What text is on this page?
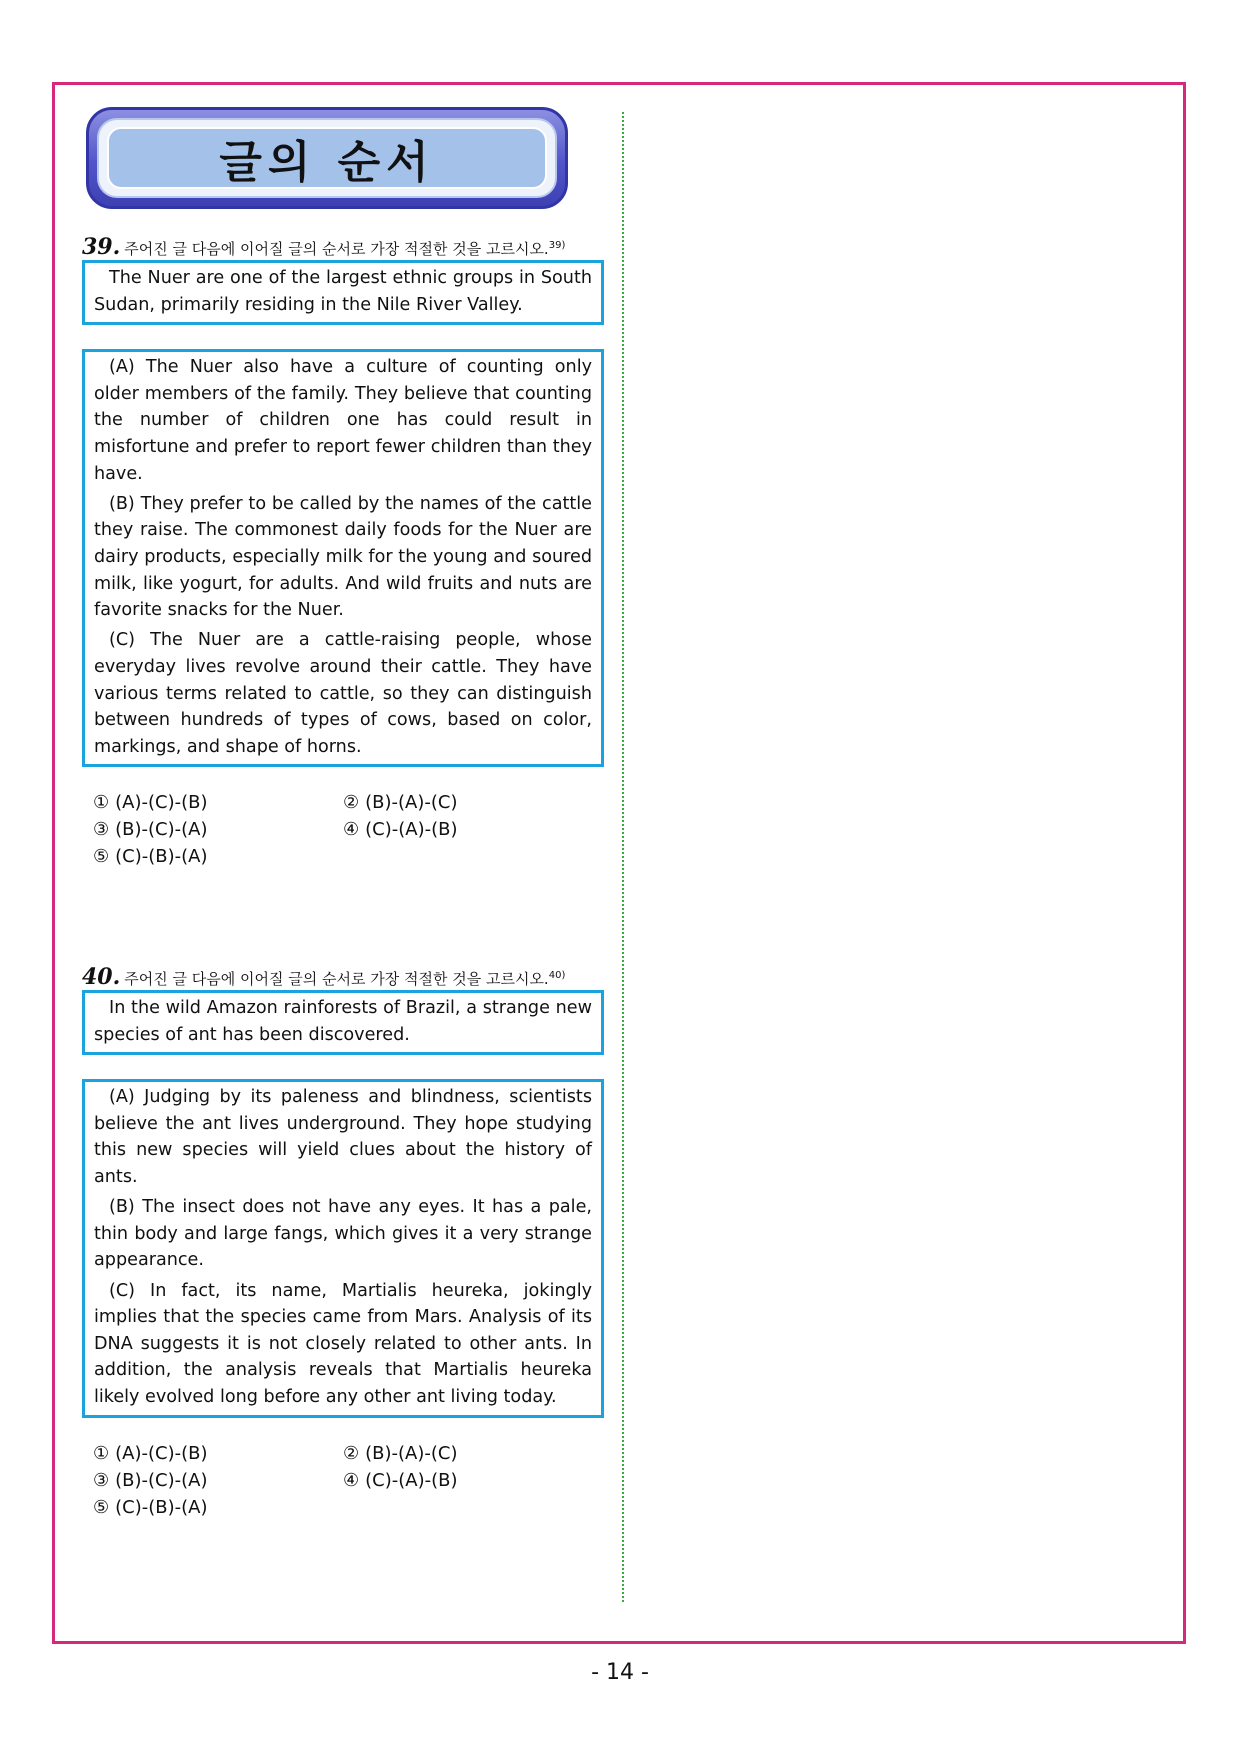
글의 순서
39. 주어진 글 다음에 이어질 글의 순서로 가장 적절한 것을 고르시오.$^{39)}$

The Nuer are one of the largest ethnic groups in South Sudan, primarily residing in the Nile River Valley.

(A) The Nuer also have a culture of counting only older members of the family. They believe that counting the number of children one has could result in misfortune and prefer to report fewer children than they have.

(B) They prefer to be called by the names of the cattle they raise. The commonest daily foods for the Nuer are dairy products, especially milk for the young and soured milk, like yogurt, for adults. And wild fruits and nuts are favorite snacks for the Nuer.

(C) The Nuer are a cattle-raising people, whose everyday lives revolve around their cattle. They have various terms related to cattle, so they can distinguish between hundreds of types of cows, based on color, markings, and shape of horns.

① (A)-(C)-(B)	② (B)-(A)-(C)
③ (B)-(C)-(A)	④ (C)-(A)-(B)
⑤ (C)-(B)-(A)
40. 주어진 글 다음에 이어질 글의 순서로 가장 적절한 것을 고르시오.$^{40)}$

In the wild Amazon rainforests of Brazil, a strange new species of ant has been discovered.

(A) Judging by its paleness and blindness, scientists believe the ant lives underground. They hope studying this new species will yield clues about the history of ants.

(B) The insect does not have any eyes. It has a pale, thin body and large fangs, which gives it a very strange appearance.

(C) In fact, its name, Martialis heureka, jokingly implies that the species came from Mars. Analysis of its DNA suggests it is not closely related to other ants. In addition, the analysis reveals that Martialis heureka likely evolved long before any other ant living today.

① (A)-(C)-(B)	② (B)-(A)-(C)
③ (B)-(C)-(A)	④ (C)-(A)-(B)
⑤ (C)-(B)-(A)
- 14 -
